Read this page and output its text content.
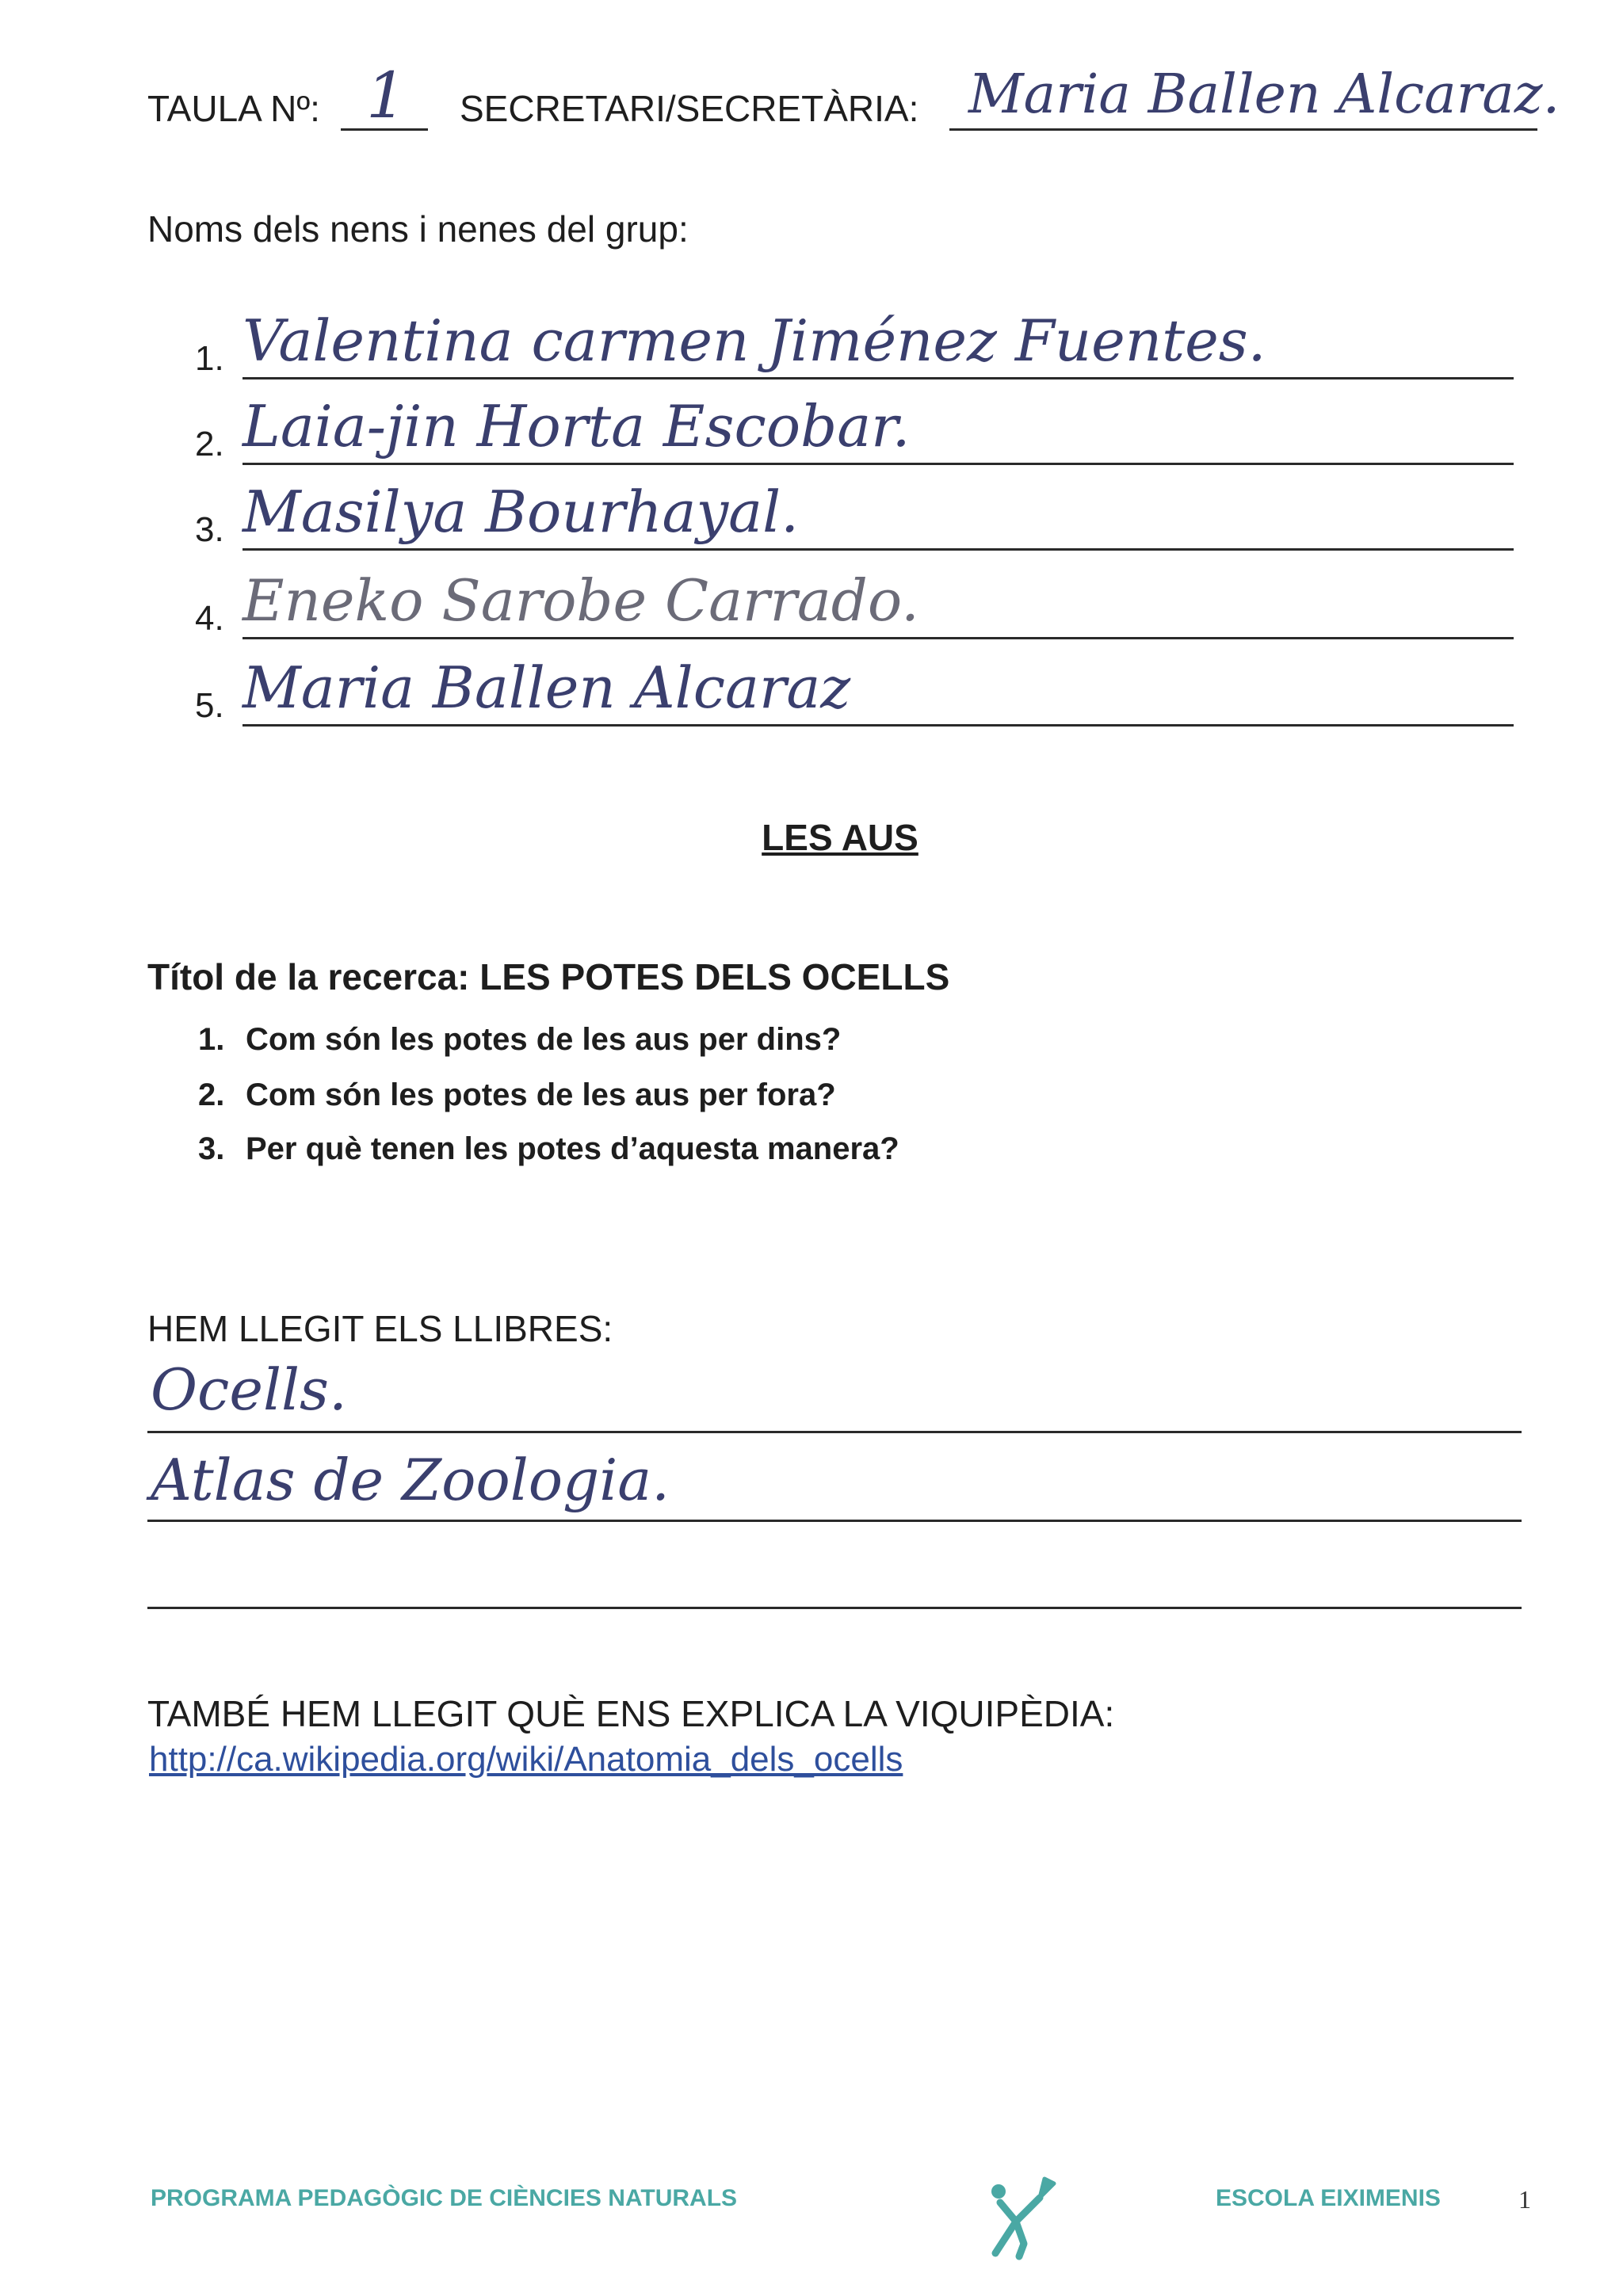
TAULA Nº: 1 SECRETARI/SECRETÀRIA: Maria Ballen Alcaraz.
Noms dels nens i nenes del grup:
1. Valentina carmen Jiménez Fuentes.
2. Laia-jin Horta Escobar.
3. Masilya Bourhayal.
4. Eneko Sarobe Carrado.
5. Maria Ballen Alcaraz
LES AUS
Títol de la recerca: LES POTES DELS OCELLS
1. Com són les potes de les aus per dins?
2. Com són les potes de les aus per fora?
3. Per què tenen les potes d’aquesta manera?
HEM LLEGIT ELS LLIBRES:
Ocells.
Atlas de Zoologia.
TAMBÉ HEM LLEGIT QUÈ ENS EXPLICA LA VIQUIPÈDIA:
http://ca.wikipedia.org/wiki/Anatomia_dels_ocells
PROGRAMA PEDAGÒGIC DE CIÈNCIES NATURALS	ESCOLA EIXIMENIS	1
